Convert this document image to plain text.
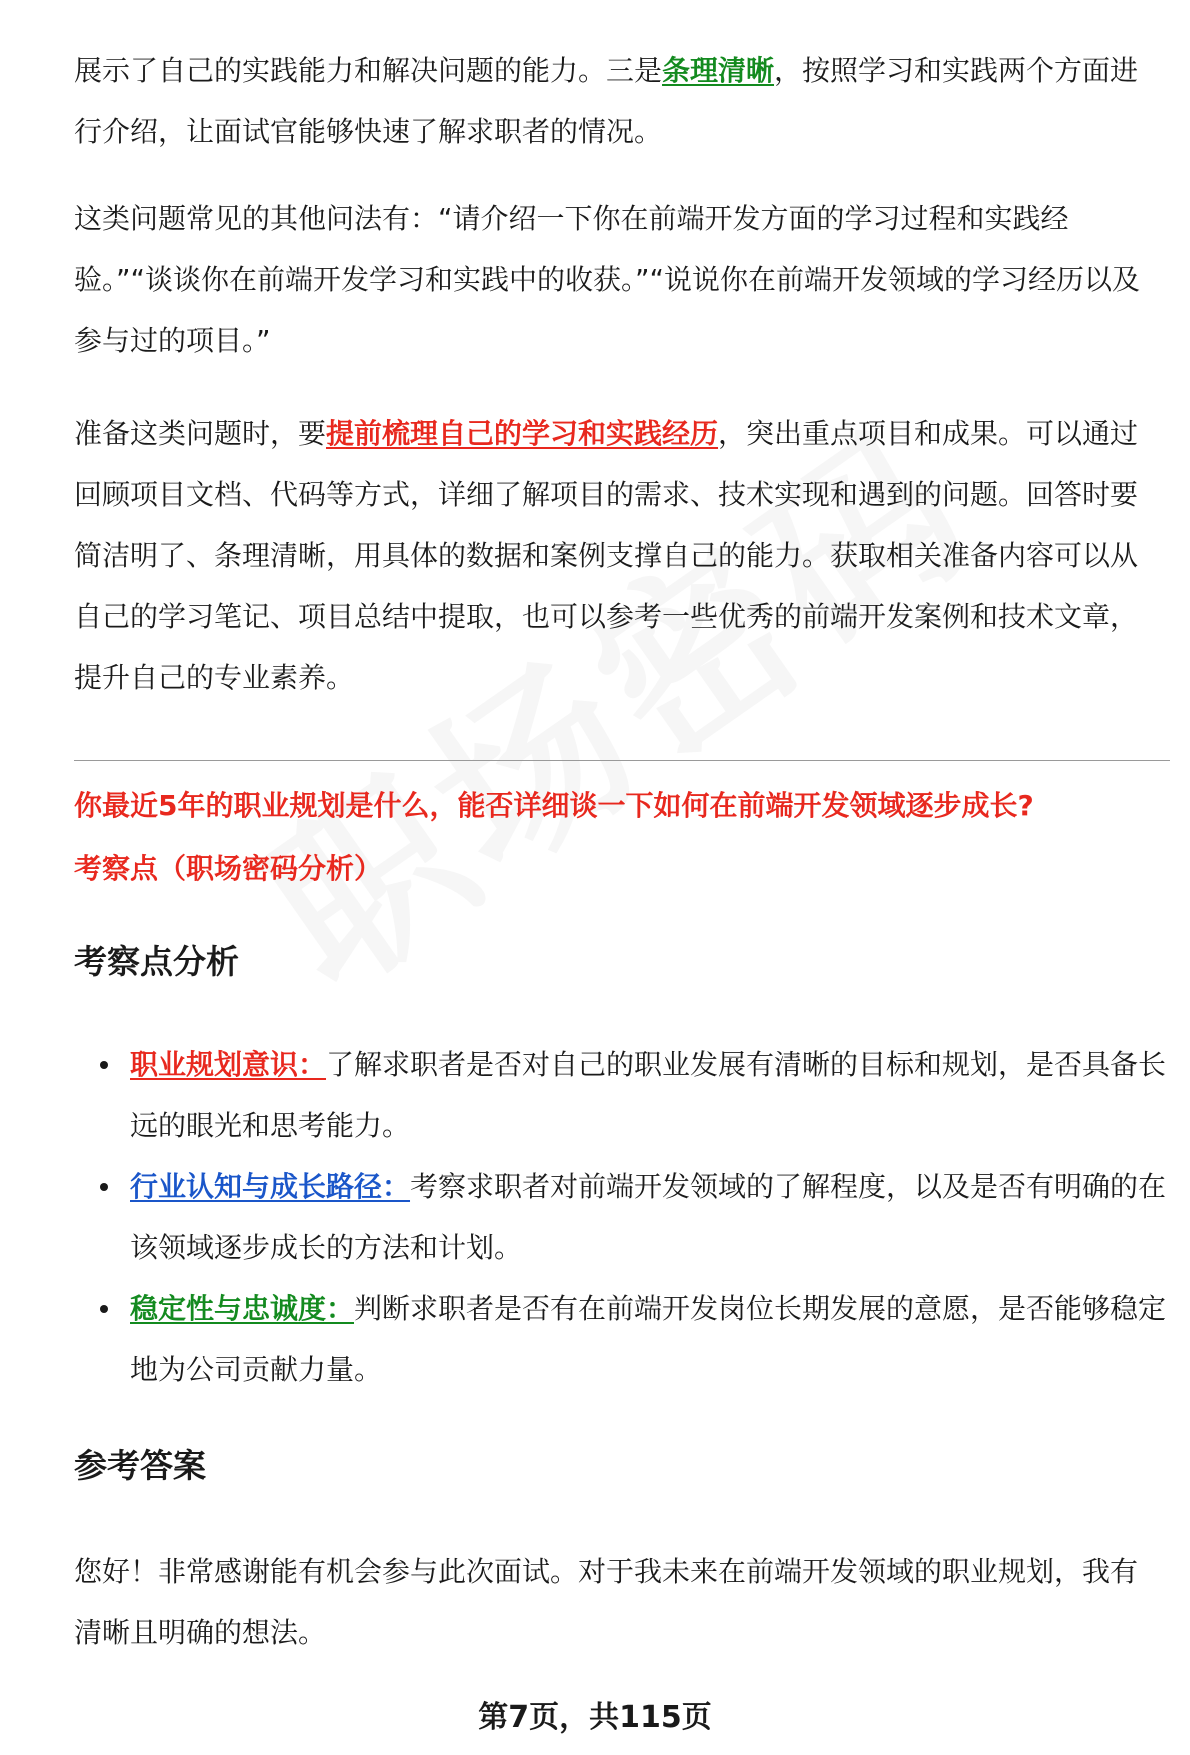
展示了自己的实践能力和解决问题的能力。三是条理清晰，按照学习和实践两个方面进行介绍，让面试官能够快速了解求职者的情况。

这类问题常见的其他问法有：“请介绍一下你在前端开发方面的学习过程和实践经验。”“谈谈你在前端开发学习和实践中的收获。”“说说你在前端开发领域的学习经历以及参与过的项目。”

准备这类问题时，要提前梳理自己的学习和实践经历，突出重点项目和成果。可以通过回顾项目文档、代码等方式，详细了解项目的需求、技术实现和遇到的问题。回答时要简洁明了、条理清晰，用具体的数据和案例支撑自己的能力。获取相关准备内容可以从自己的学习笔记、项目总结中提取，也可以参考一些优秀的前端开发案例和技术文章，提升自己的专业素养。

你最近5年的职业规划是什么，能否详细谈一下如何在前端开发领域逐步成长?

考察点（职场密码分析）

考察点分析
职业规划意识：了解求职者是否对自己的职业发展有清晰的目标和规划，是否具备长远的眼光和思考能力。
行业认知与成长路径：考察求职者对前端开发领域的了解程度，以及是否有明确的在该领域逐步成长的方法和计划。
稳定性与忠诚度：判断求职者是否有在前端开发岗位长期发展的意愿，是否能够稳定地为公司贡献力量。
参考答案

您好！非常感谢能有机会参与此次面试。对于我未来在前端开发领域的职业规划，我有清晰且明确的想法。

第7页，共115页
